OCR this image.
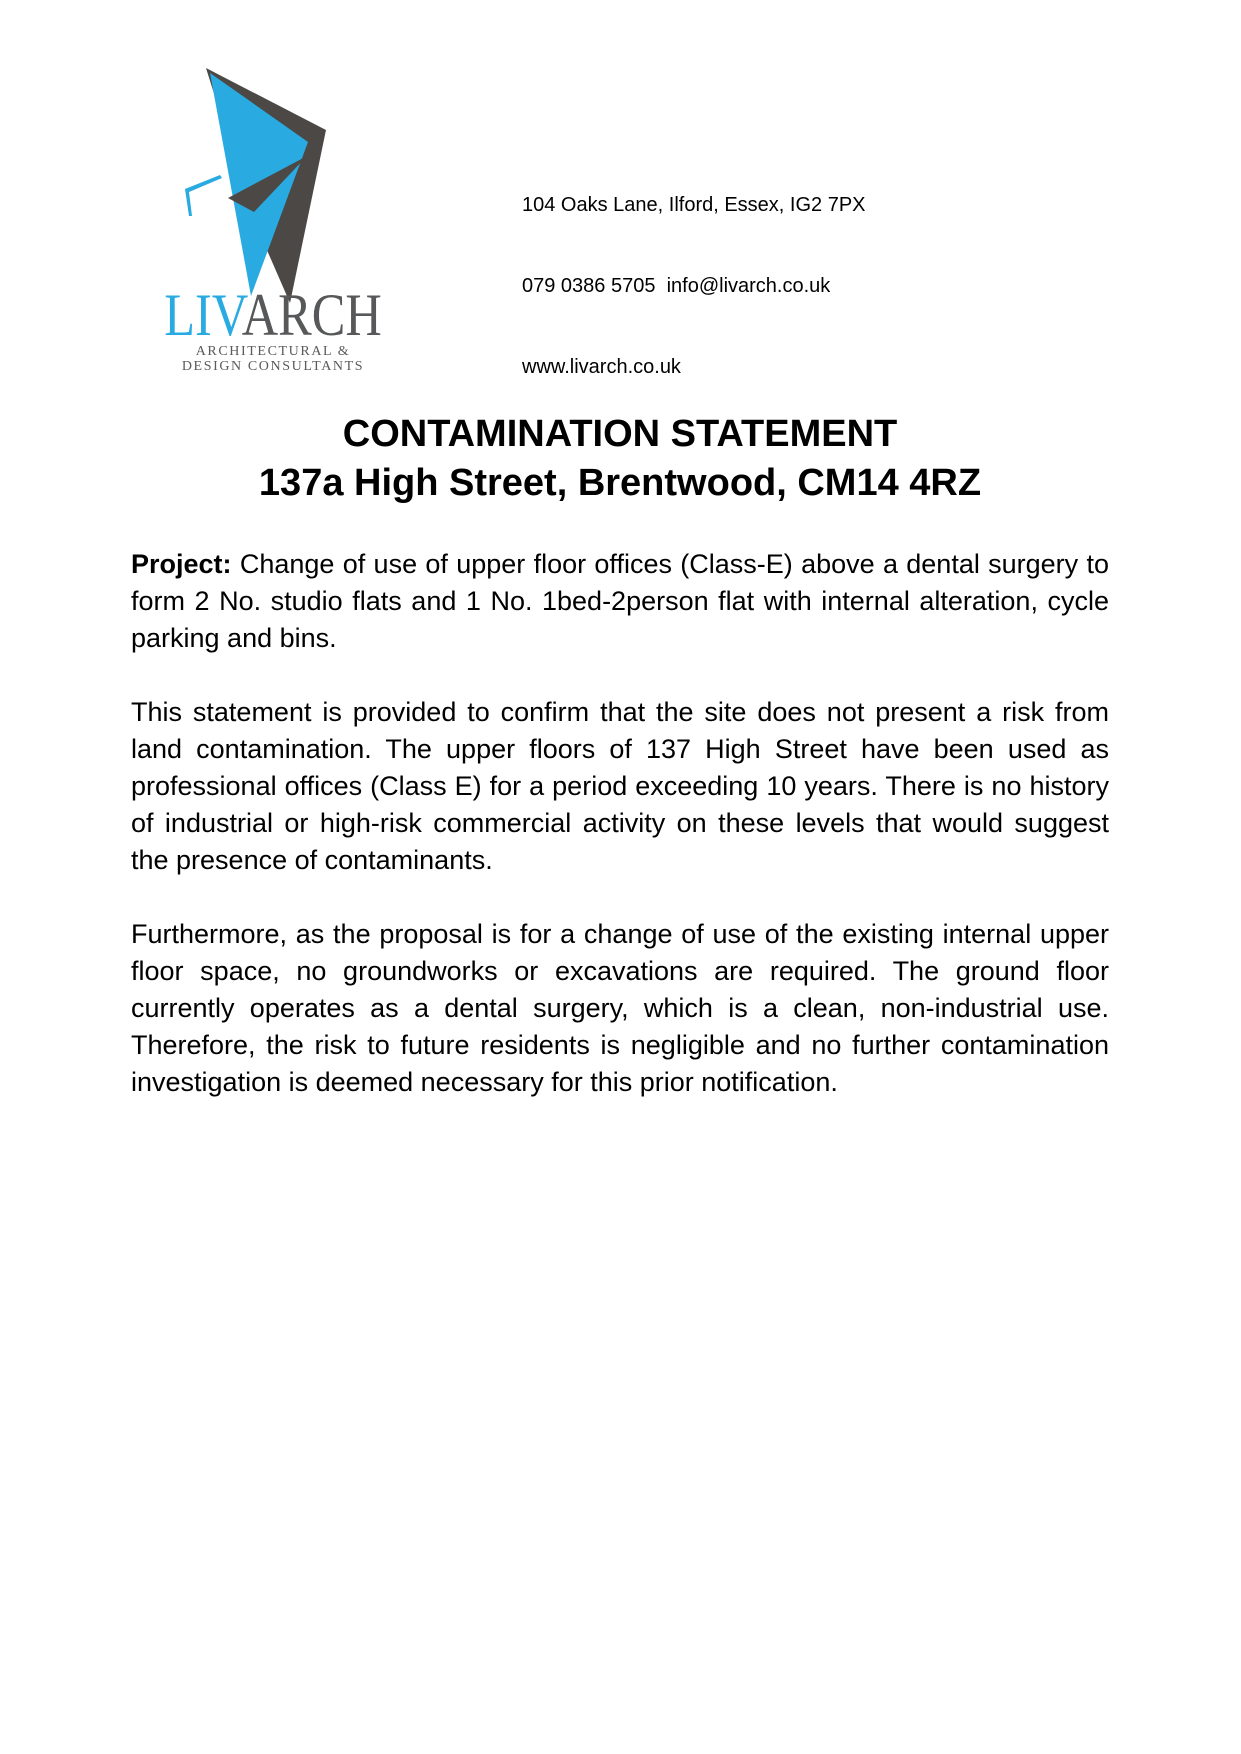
LIVARCH
ARCHITECTURAL &
DESIGN CONSULTANTS

104 Oaks Lane, Ilford, Essex, IG2 7PX

079 0386 5705  info@livarch.co.uk

www.livarch.co.uk

CONTAMINATION STATEMENT
137a High Street, Brentwood, CM14 4RZ

Project: Change of use of upper floor offices (Class-E) above a dental surgery to form 2 No. studio flats and 1 No. 1bed-2person flat with internal alteration, cycle parking and bins.

This statement is provided to confirm that the site does not present a risk from land contamination. The upper floors of 137 High Street have been used as professional offices (Class E) for a period exceeding 10 years. There is no history of industrial or high-risk commercial activity on these levels that would suggest the presence of contaminants.

Furthermore, as the proposal is for a change of use of the existing internal upper floor space, no groundworks or excavations are required. The ground floor currently operates as a dental surgery, which is a clean, non-industrial use. Therefore, the risk to future residents is negligible and no further contamination investigation is deemed necessary for this prior notification.
